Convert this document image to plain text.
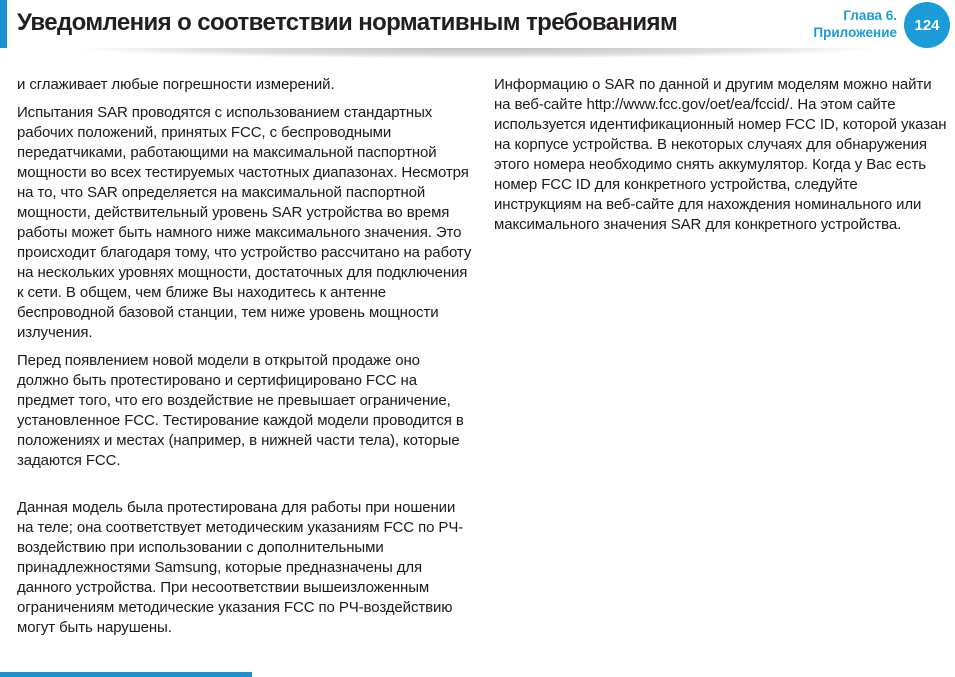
Уведомления о соответствии нормативным требованиям	Глава 6.
Приложение	124

и сглаживает любые погрешности измерений.

Испытания SAR проводятся с использованием стандартных рабочих положений, принятых FCC, с беспроводными передатчиками, работающими на максимальной паспортной мощности во всех тестируемых частотных диапазонах. Несмотря на то, что SAR определяется на максимальной паспортной мощности, действительный уровень SAR устройства во время работы может быть намного ниже максимального значения. Это происходит благодаря тому, что устройство рассчитано на работу на нескольких уровнях мощности, достаточных для подключения к сети. В общем, чем ближе Вы находитесь к антенне беспроводной базовой станции, тем ниже уровень мощности излучения.

Перед появлением новой модели в открытой продаже оно должно быть протестировано и сертифицировано FCC на предмет того, что его воздействие не превышает ограничение, установленное FCC. Тестирование каждой модели проводится в положениях и местах (например, в нижней части тела), которые задаются FCC.

Данная модель была протестирована для работы при ношении на теле; она соответствует методическим указаниям FCC по РЧ-воздействию при использовании с дополнительными принадлежностями Samsung, которые предназначены для данного устройства. При несоответствии вышеизложенным ограничениям методические указания FCC по РЧ-воздействию могут быть нарушены.

Информацию о SAR по данной и другим моделям можно найти на веб-сайте http://www.fcc.gov/oet/ea/fccid/. На этом сайте используется идентификационный номер FCC ID, которой указан на корпусе устройства. В некоторых случаях для обнаружения этого номера необходимо снять аккумулятор. Когда у Вас есть номер FCC ID для конкретного устройства, следуйте инструкциям на веб-сайте для нахождения номинального или максимального значения SAR для конкретного устройства.
